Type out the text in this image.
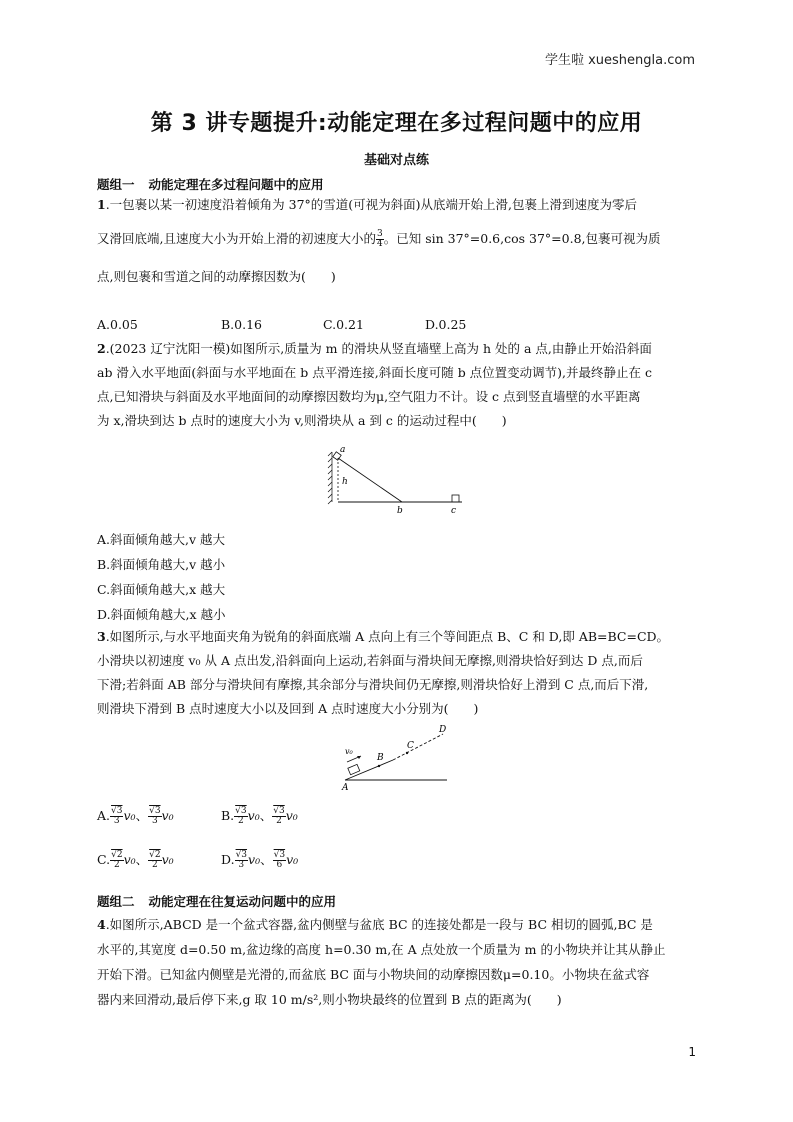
学生啦 xueshengla.com
第 3 讲专题提升:动能定理在多过程问题中的应用
基础对点练
题组一 动能定理在多过程问题中的应用
1.一包裹以某一初速度沿着倾角为 37°的雪道(可视为斜面)从底端开始上滑,包裹上滑到速度为零后
又滑回底端,且速度大小为开始上滑的初速度大小的 $\frac{3}{4}$ 。已知 sin 37°=0.6,cos 37°=0.8,包裹可视为质
点,则包裹和雪道之间的动摩擦因数为(　　)
A.0.05	B.0.16	C.0.21	D.0.25
2.(2023 辽宁沈阳一模)如图所示,质量为 m 的滑块从竖直墙壁上高为 h 处的 a 点,由静止开始沿斜面
ab 滑入水平地面(斜面与水平地面在 b 点平滑连接,斜面长度可随 b 点位置变动调节),并最终静止在 c
点,已知滑块与斜面及水平地面间的动摩擦因数均为μ,空气阻力不计。设 c 点到竖直墙壁的水平距离
为 x,滑块到达 b 点时的速度大小为 v,则滑块从 a 到 c 的运动过程中(　　)
a
h
b	c
A.斜面倾角越大,v 越大
B.斜面倾角越大,v 越小
C.斜面倾角越大,x 越大
D.斜面倾角越大,x 越小
3.如图所示,与水平地面夹角为锐角的斜面底端 A 点向上有三个等间距点 B、C 和 D,即 AB=BC=CD。
小滑块以初速度 v₀ 从 A 点出发,沿斜面向上运动,若斜面与滑块间无摩擦,则滑块恰好到达 D 点,而后
下滑;若斜面 AB 部分与滑块间有摩擦,其余部分与滑块间仍无摩擦,则滑块恰好上滑到 C 点,而后下滑,
则滑块下滑到 B 点时速度大小以及回到 A 点时速度大小分别为(　　)
v₀
A
B
C
D
A. $\frac{√3}{3} v_0$、 $\frac{√3}{3} v_0$	B. $\frac{√3}{2} v_0$、 $\frac{√3}{2} v_0$
C. $\frac{√2}{2} v_0$、 $\frac{√2}{2} v_0$	D. $\frac{√3}{3} v_0$、 $\frac{√3}{6} v_0$
题组二 动能定理在往复运动问题中的应用
4.如图所示,ABCD 是一个盆式容器,盆内侧壁与盆底 BC 的连接处都是一段与 BC 相切的圆弧,BC 是
水平的,其宽度 d=0.50 m,盆边缘的高度 h=0.30 m,在 A 点处放一个质量为 m 的小物块并让其从静止
开始下滑。已知盆内侧壁是光滑的,而盆底 BC 面与小物块间的动摩擦因数μ=0.10。小物块在盆式容
器内来回滑动,最后停下来,g 取 10 m/s²,则小物块最终的位置到 B 点的距离为(　　)
1
